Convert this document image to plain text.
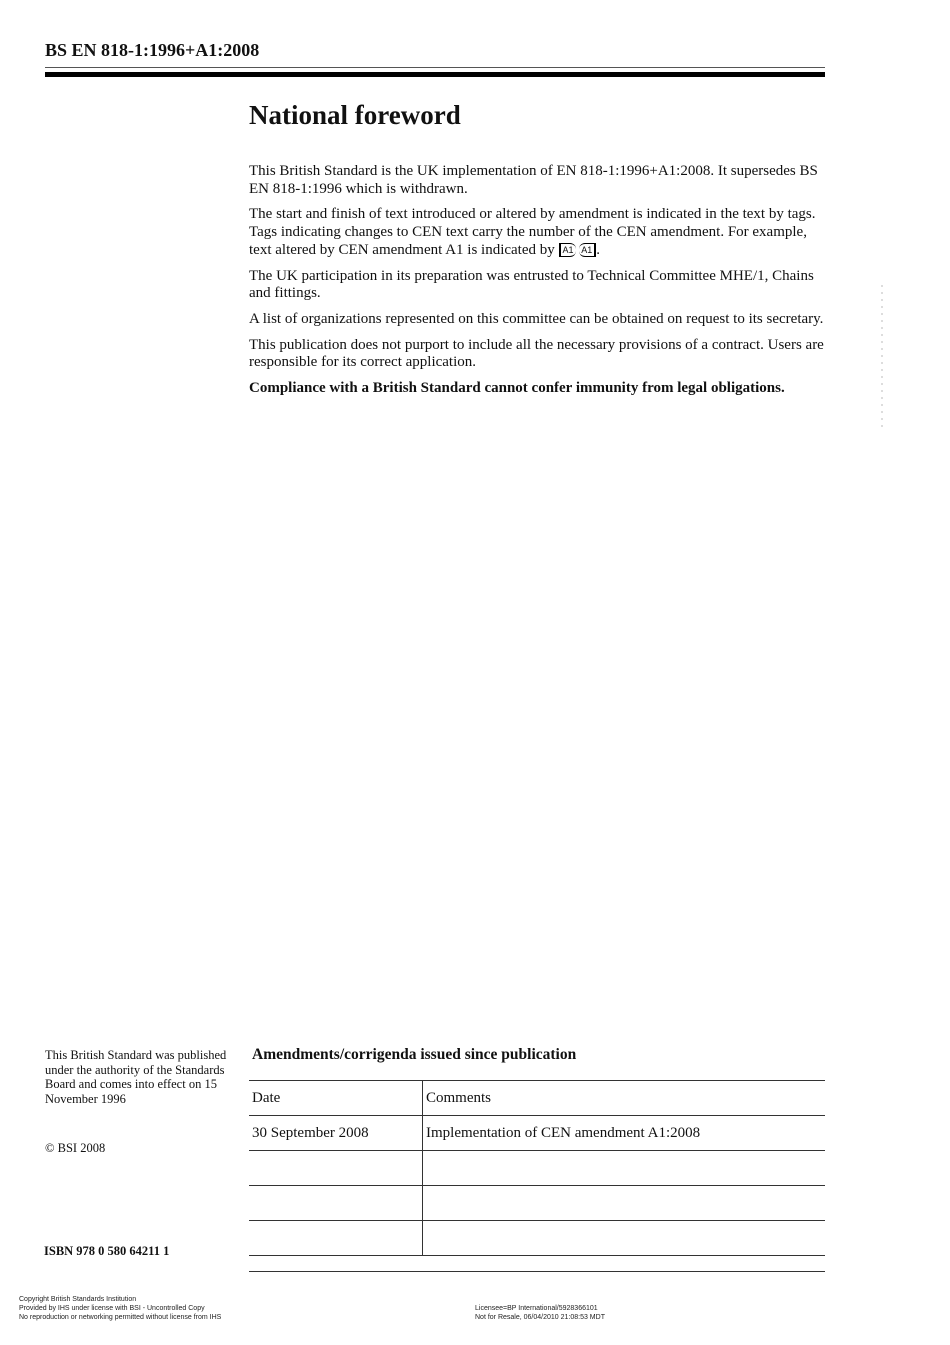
BS EN 818-1:1996+A1:2008
National foreword

This British Standard is the UK implementation of EN 818-1:1996+A1:2008. It supersedes BS EN 818-1:1996 which is withdrawn.

The start and finish of text introduced or altered by amendment is indicated in the text by tags. Tags indicating changes to CEN text carry the number of the CEN amendment. For example, text altered by CEN amendment A1 is indicated by A1 A1 .

The UK participation in its preparation was entrusted to Technical Committee MHE/1, Chains and fittings.

A list of organizations represented on this committee can be obtained on request to its secretary.

This publication does not purport to include all the necessary provisions of a contract. Users are responsible for its correct application.

Compliance with a British Standard cannot confer immunity from legal obligations.

This British Standard was published under the authority of the Standards Board and comes into effect on 15 November 1996
© BSI 2008
ISBN 978 0 580 64211 1
Amendments/corrigenda issued since publication
Date	Comments
30 September 2008	Implementation of CEN amendment A1:2008

Copyright British Standards Institution
Provided by IHS under license with BSI - Uncontrolled Copy
No reproduction or networking permitted without license from IHS
Licensee=BP International/5928366101
Not for Resale, 06/04/2010 21:08:53 MDT
